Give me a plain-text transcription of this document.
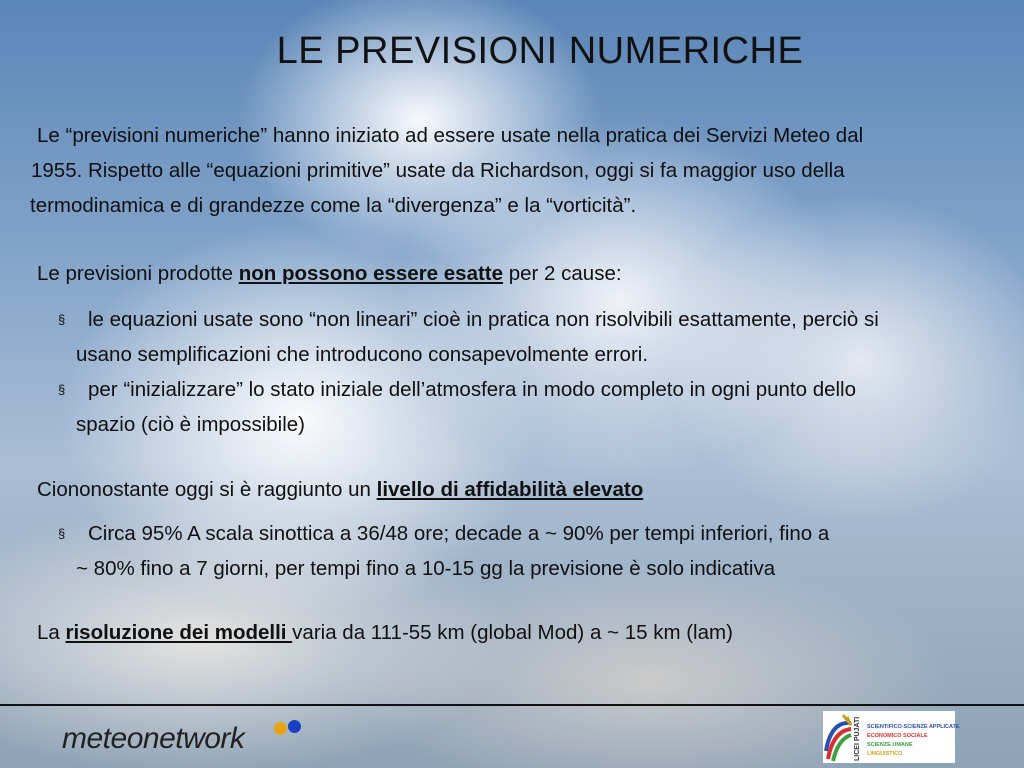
LE PREVISIONI NUMERICHE
Le “previsioni numeriche” hanno iniziato ad essere usate nella pratica dei Servizi Meteo dal
1955. Rispetto alle “equazioni primitive” usate da Richardson, oggi si fa maggior uso della
termodinamica e di grandezze come la “divergenza” e la “vorticità”.
Le previsioni prodotte non possono essere esatte per 2 cause:
§ le equazioni usate sono “non lineari” cioè in pratica non risolvibili esattamente, perciò si
usano semplificazioni che introducono consapevolmente errori.
§ per “inizializzare” lo stato iniziale dell’atmosfera in modo completo in ogni punto dello
spazio (ciò è impossibile)
Ciononostante oggi si è raggiunto un livello di affidabilità elevato
§ Circa 95% A scala sinottica a 36/48 ore; decade a ~ 90% per tempi inferiori, fino a
~ 80% fino a 7 giorni, per tempi fino a 10-15 gg la previsione è solo indicativa
La risoluzione dei modelli varia da 111-55 km (global Mod) a ~ 15 km (lam)
meteonetwork	LICEI PUJATI SCIENTIFICO-SCIENZE APPLICATE
ECONOMICO SOCIALE
SCIENZE UMANE
LINGUISTICO
